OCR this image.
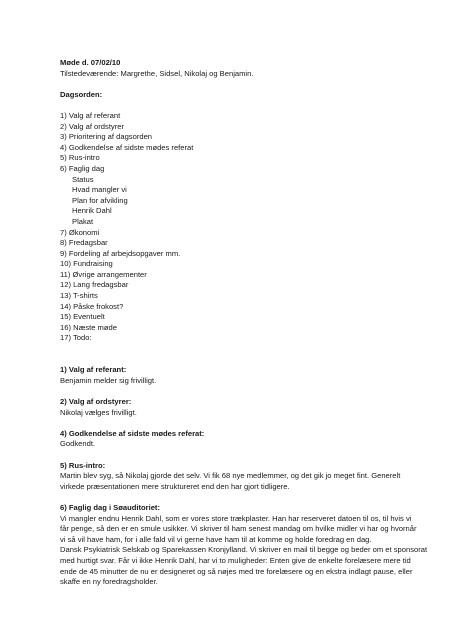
Møde d. 07/02/10
Tilstedeværende: Margrethe, Sidsel, Nikolaj og Benjamin.
Dagsorden:
1) Valg af referant
2) Valg af ordstyrer
3) Prioritering af dagsorden
4) Godkendelse af sidste mødes referat
5) Rus-intro
6) Faglig dag
Status
Hvad mangler vi
Plan for afvikling
Henrik Dahl
Plakat
7) Økonomi
8) Fredagsbar
9) Fordeling af arbejdsopgaver mm.
10) Fundraising
11) Øvrige arrangementer
12) Lang fredagsbar
13) T-shirts
14) Påske frokost?
15) Eventuelt
16) Næste møde
17) Todo:
1) Valg af referant:
Benjamin melder sig frivilligt.
2) Valg af ordstyrer:
Nikolaj vælges frivilligt.
4) Godkendelse af sidste mødes referat:
Godkendt.
5) Rus-intro:
Martin blev syg, så Nikolaj gjorde det selv. Vi fik 68 nye medlemmer, og det gik jo meget fint. Generelt
virkede præsentationen mere struktureret end den har gjort tidligere.
6) Faglig dag i Søauditoriet:
Vi mangler endnu Henrik Dahl, som er vores store trækplaster. Han har reserveret datoen til os, til hvis vi
får penge, så den er en smule usikker. Vi skriver til ham senest mandag om hvilke midler vi har og hvornår
vi så vil have ham, for i alle fald vil vi gerne have ham til at komme og holde foredrag en dag.
Dansk Psykiatrisk Selskab og Sparekassen Kronjylland. Vi skriver en mail til begge og beder om et sponsorat
med hurtigt svar. Får vi ikke Henrik Dahl, har vi to muligheder: Enten give de enkelte forelæsere mere tid
ende de 45 minutter de nu er designeret og så nøjes med tre forelæsere og en ekstra indlagt pause, eller
skaffe en ny foredragsholder.
